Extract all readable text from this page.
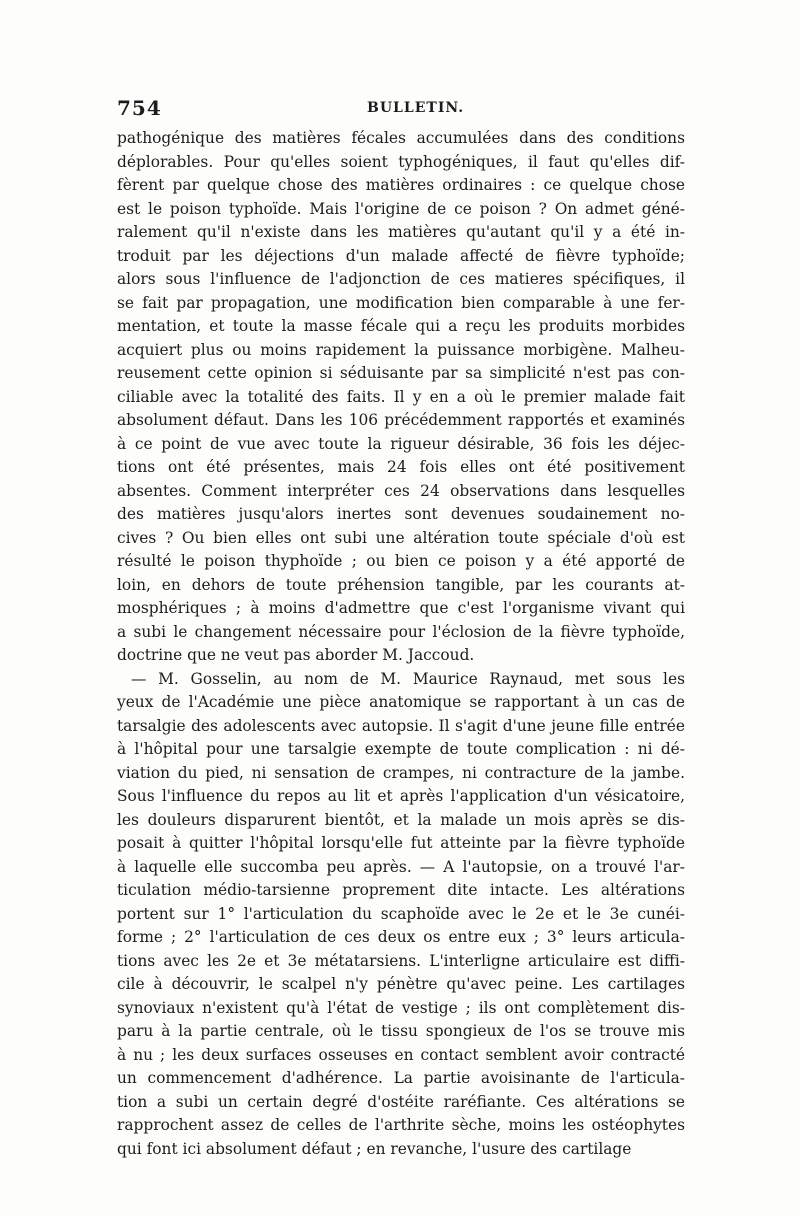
754	BULLETIN.
pathogénique des matières fécales accumulées dans des conditions
déplorables. Pour qu'elles soient typhogéniques, il faut qu'elles dif-
fèrent par quelque chose des matières ordinaires : ce quelque chose
est le poison typhoïde. Mais l'origine de ce poison ? On admet géné-
ralement qu'il n'existe dans les matières qu'autant qu'il y a été in-
troduit par les déjections d'un malade affecté de fièvre typhoïde;
alors sous l'influence de l'adjonction de ces matieres spécifiques, il
se fait par propagation, une modification bien comparable à une fer-
mentation, et toute la masse fécale qui a reçu les produits morbides
acquiert plus ou moins rapidement la puissance morbigène. Malheu-
reusement cette opinion si séduisante par sa simplicité n'est pas con-
ciliable avec la totalité des faits. Il y en a où le premier malade fait
absolument défaut. Dans les 106 précédemment rapportés et examinés
à ce point de vue avec toute la rigueur désirable, 36 fois les déjec-
tions ont été présentes, mais 24 fois elles ont été positivement
absentes. Comment interpréter ces 24 observations dans lesquelles
des matières jusqu'alors inertes sont devenues soudainement no-
cives ? Ou bien elles ont subi une altération toute spéciale d'où est
résulté le poison thyphoïde ; ou bien ce poison y a été apporté de
loin, en dehors de toute préhension tangible, par les courants at-
mosphériques ; à moins d'admettre que c'est l'organisme vivant qui
a subi le changement nécessaire pour l'éclosion de la fièvre typhoïde,
doctrine que ne veut pas aborder M. Jaccoud.
— M. Gosselin, au nom de M. Maurice Raynaud, met sous les
yeux de l'Académie une pièce anatomique se rapportant à un cas de
tarsalgie des adolescents avec autopsie. Il s'agit d'une jeune fille entrée
à l'hôpital pour une tarsalgie exempte de toute complication : ni dé-
viation du pied, ni sensation de crampes, ni contracture de la jambe.
Sous l'influence du repos au lit et après l'application d'un vésicatoire,
les douleurs disparurent bientôt, et la malade un mois après se dis-
posait à quitter l'hôpital lorsqu'elle fut atteinte par la fièvre typhoïde
à laquelle elle succomba peu après. — A l'autopsie, on a trouvé l'ar-
ticulation médio-tarsienne proprement dite intacte. Les altérations
portent sur 1° l'articulation du scaphoïde avec le 2e et le 3e cunéi-
forme ; 2° l'articulation de ces deux os entre eux ; 3° leurs articula-
tions avec les 2e et 3e métatarsiens. L'interligne articulaire est diffi-
cile à découvrir, le scalpel n'y pénètre qu'avec peine. Les cartilages
synoviaux n'existent qu'à l'état de vestige ; ils ont complètement dis-
paru à la partie centrale, où le tissu spongieux de l'os se trouve mis
à nu ; les deux surfaces osseuses en contact semblent avoir contracté
un commencement d'adhérence. La partie avoisinante de l'articula-
tion a subi un certain degré d'ostéite raréfiante. Ces altérations se
rapprochent assez de celles de l'arthrite sèche, moins les ostéophytes
qui font ici absolument défaut ; en revanche, l'usure des cartilage
